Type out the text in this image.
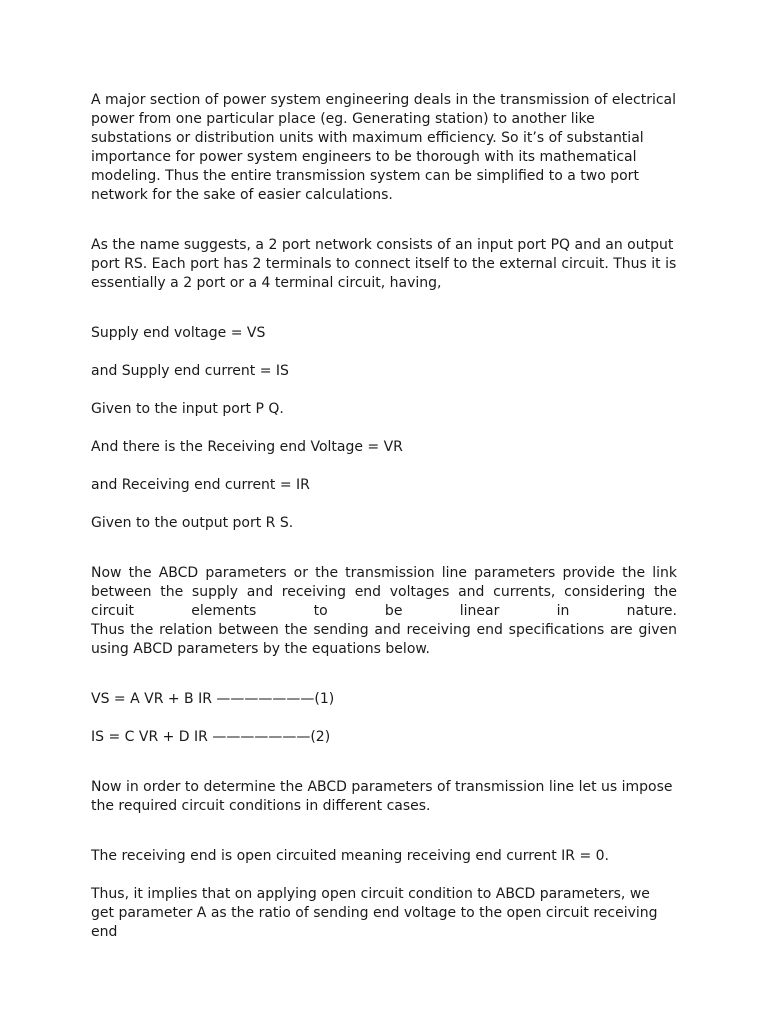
A major section of power system engineering deals in the transmission of electrical power from one particular place (eg. Generating station) to another like substations or distribution units with maximum efficiency. So it’s of substantial importance for power system engineers to be thorough with its mathematical modeling. Thus the entire transmission system can be simplified to a two port network for the sake of easier calculations.

As the name suggests, a 2 port network consists of an input port PQ and an output port RS. Each port has 2 terminals to connect itself to the external circuit. Thus it is essentially a 2 port or a 4 terminal circuit, having,

Supply end voltage = VS

and Supply end current = IS

Given to the input port P Q.

And there is the Receiving end Voltage = VR

and Receiving end current = IR

Given to the output port R S.

Now the ABCD parameters or the transmission line parameters provide the link between the supply and receiving end voltages and currents, considering the circuit elements to be linear in nature.

Thus the relation between the sending and receiving end specifications are given using ABCD parameters by the equations below.

VS = A VR + B IR ———————(1)

IS = C VR + D IR ———————(2)

Now in order to determine the ABCD parameters of transmission line let us impose the required circuit conditions in different cases.

The receiving end is open circuited meaning receiving end current IR = 0.

Thus, it implies that on applying open circuit condition to ABCD parameters, we get parameter A as the ratio of sending end voltage to the open circuit receiving end
